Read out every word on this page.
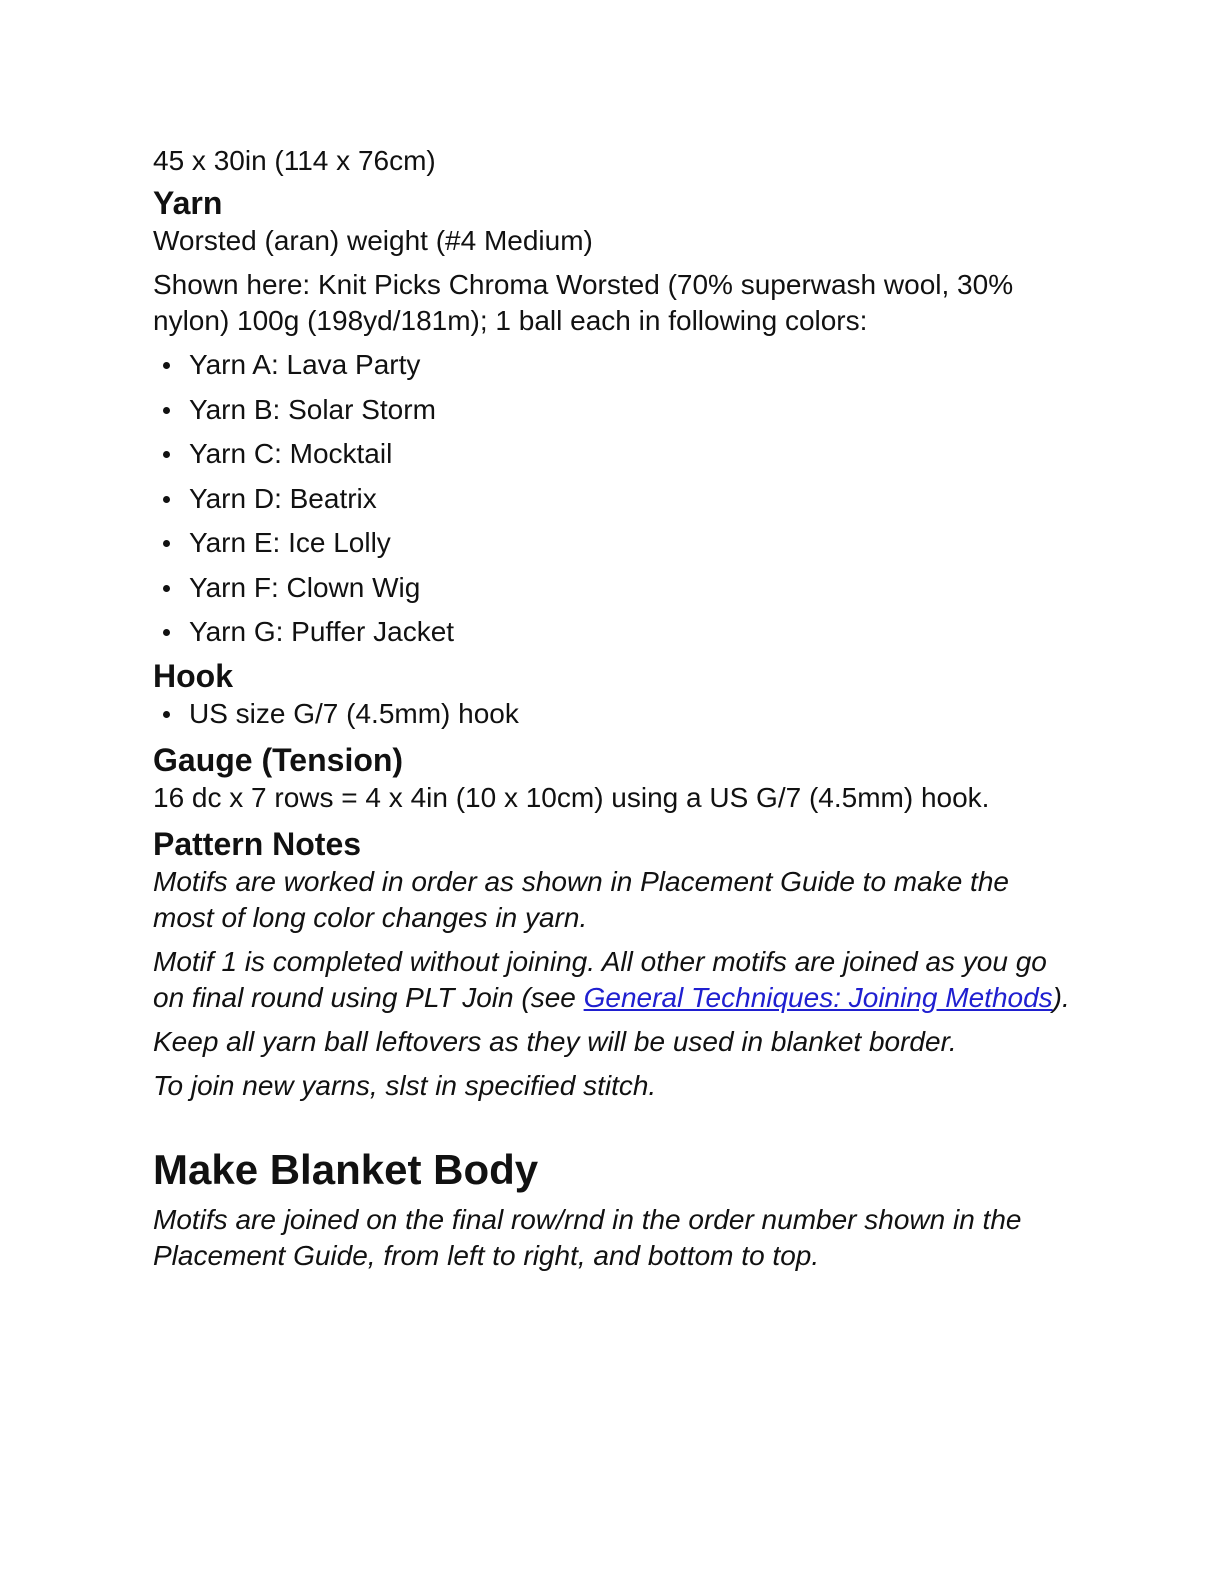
45 x 30in (114 x 76cm)

Yarn

Worsted (aran) weight (#4 Medium)

Shown here: Knit Picks Chroma Worsted (70% superwash wool, 30% nylon) 100g (198yd/181m); 1 ball each in following colors:

Yarn A: Lava Party
Yarn B: Solar Storm
Yarn C: Mocktail
Yarn D: Beatrix
Yarn E: Ice Lolly
Yarn F: Clown Wig
Yarn G: Puffer Jacket
Hook
US size G/7 (4.5mm) hook
Gauge (Tension)

16 dc x 7 rows = 4 x 4in (10 x 10cm) using a US G/7 (4.5mm) hook.

Pattern Notes

Motifs are worked in order as shown in Placement Guide to make the most of long color changes in yarn.

Motif 1 is completed without joining. All other motifs are joined as you go on final round using PLT Join (see General Techniques: Joining Methods).

Keep all yarn ball leftovers as they will be used in blanket border.

To join new yarns, slst in specified stitch.

Make Blanket Body

Motifs are joined on the final row/rnd in the order number shown in the Placement Guide, from left to right, and bottom to top.
